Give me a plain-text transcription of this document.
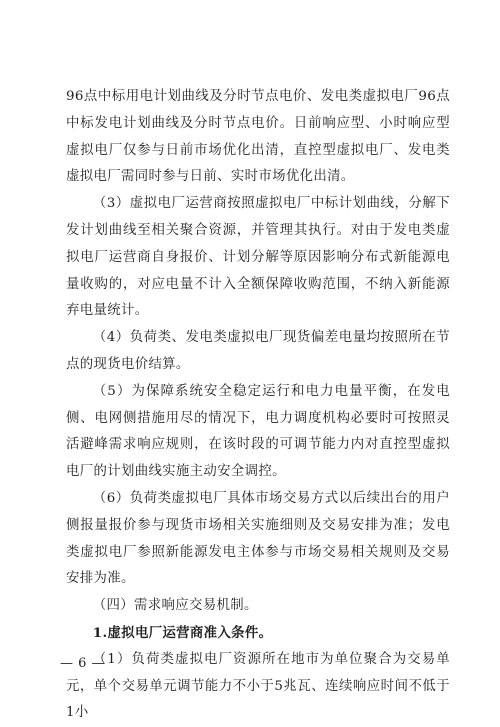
96点中标用电计划曲线及分时节点电价、发电类虚拟电厂96点中标发电计划曲线及分时节点电价。日前响应型、小时响应型虚拟电厂仅参与日前市场优化出清，直控型虚拟电厂、发电类虚拟电厂需同时参与日前、实时市场优化出清。

（3）虚拟电厂运营商按照虚拟电厂中标计划曲线，分解下发计划曲线至相关聚合资源，并管理其执行。对由于发电类虚拟电厂运营商自身报价、计划分解等原因影响分布式新能源电量收购的，对应电量不计入全额保障收购范围，不纳入新能源弃电量统计。

（4）负荷类、发电类虚拟电厂现货偏差电量均按照所在节点的现货电价结算。

（5）为保障系统安全稳定运行和电力电量平衡，在发电侧、电网侧措施用尽的情况下，电力调度机构必要时可按照灵活避峰需求响应规则，在该时段的可调节能力内对直控型虚拟电厂的计划曲线实施主动安全调控。

（6）负荷类虚拟电厂具体市场交易方式以后续出台的用户侧报量报价参与现货市场相关实施细则及交易安排为准；发电类虚拟电厂参照新能源发电主体参与市场交易相关规则及交易安排为准。

（四）需求响应交易机制。

1.虚拟电厂运营商准入条件。

（1）负荷类虚拟电厂资源所在地市为单位聚合为交易单元，单个交易单元调节能力不小于5兆瓦、连续响应时间不低于1小

— 6 —
